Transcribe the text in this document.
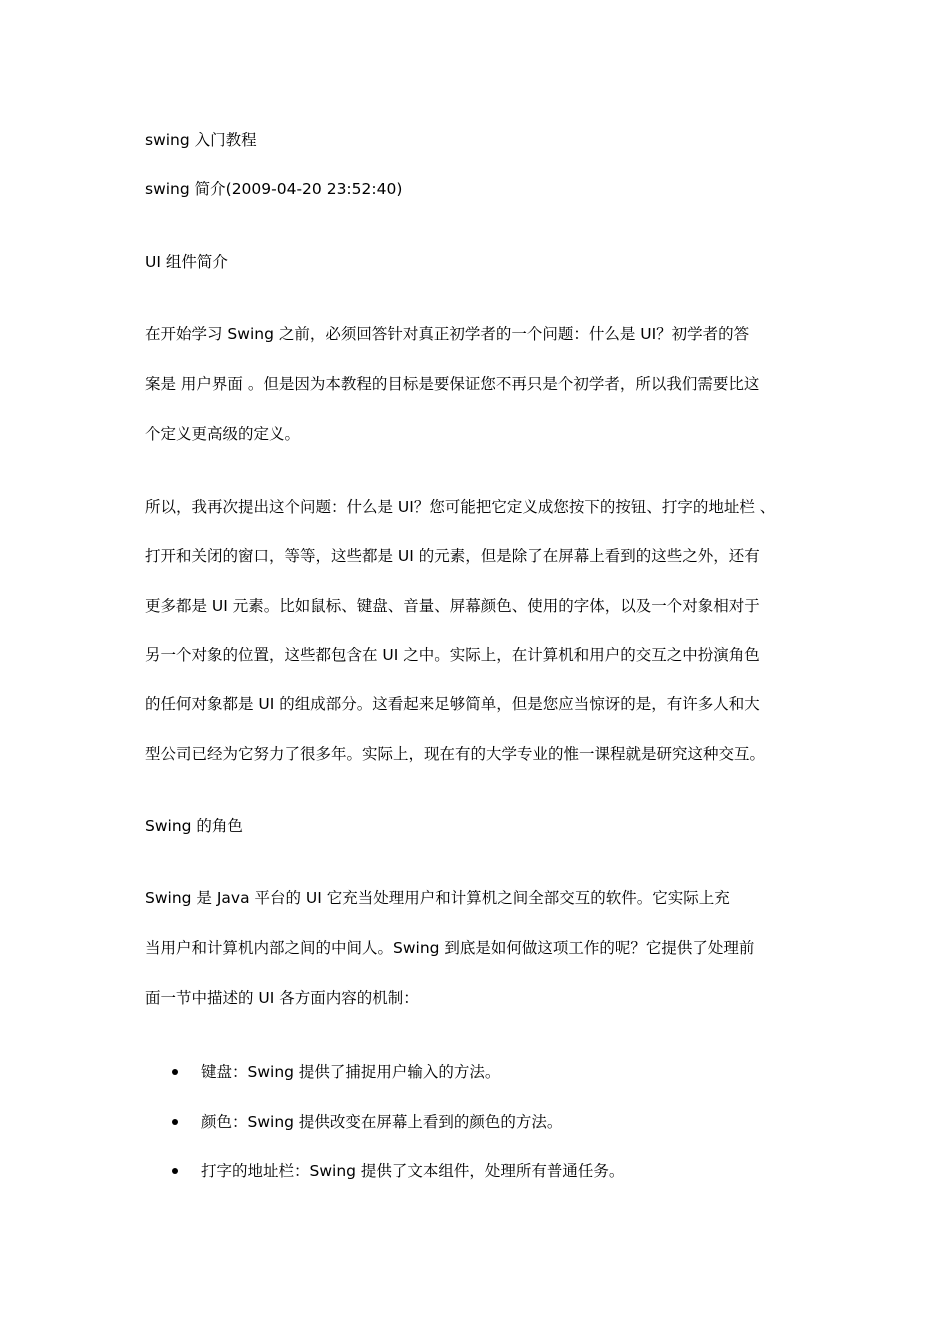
swing 入门教程
swing 简介(2009-04-20 23:52:40)
UI 组件简介
在开始学习 Swing 之前，必须回答针对真正初学者的一个问题：什么是 UI？初学者的答
案是 用户界面 。但是因为本教程的目标是要保证您不再只是个初学者，所以我们需要比这
个定义更高级的定义。
所以，我再次提出这个问题：什么是 UI？您可能把它定义成您按下的按钮、打字的地址栏 、
打开和关闭的窗口，等等，这些都是 UI 的元素，但是除了在屏幕上看到的这些之外，还有
更多都是 UI 元素。比如鼠标、键盘、音量、屏幕颜色、使用的字体，以及一个对象相对于
另一个对象的位置，这些都包含在 UI 之中。实际上，在计算机和用户的交互之中扮演角色
的任何对象都是 UI 的组成部分。这看起来足够简单，但是您应当惊讶的是，有许多人和大
型公司已经为它努力了很多年。实际上，现在有的大学专业的惟一课程就是研究这种交互。
Swing 的角色
Swing 是 Java 平台的 UI 它充当处理用户和计算机之间全部交互的软件。它实际上充
当用户和计算机内部之间的中间人。Swing 到底是如何做这项工作的呢？它提供了处理前
面一节中描述的 UI 各方面内容的机制：
键盘：Swing 提供了捕捉用户输入的方法。
颜色：Swing 提供改变在屏幕上看到的颜色的方法。
打字的地址栏：Swing 提供了文本组件，处理所有普通任务。
